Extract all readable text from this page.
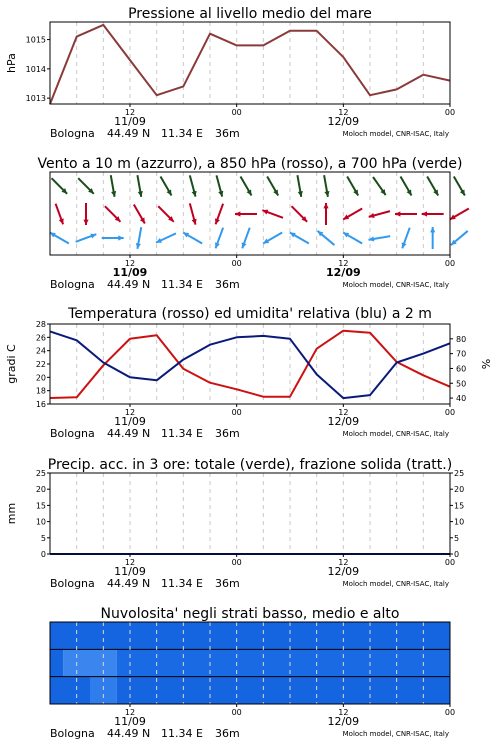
Pressione al livello medio del mare
1013
1014
1015
hPa
12	00	12	00
11/09	12/09
Bologna 44.49 N 11.34 E 36m	Moloch model, CNR-ISAC, Italy
Vento a 10 m (azzurro), a 850 hPa (rosso), a 700 hPa (verde)
12	00	12	00
11/09	12/09
Bologna 44.49 N 11.34 E 36m	Moloch model, CNR-ISAC, Italy
Temperatura (rosso) ed umidita' relativa (blu) a 2 m
16
18
20
22
24
26
28
gradi C
40
50
60
70
80
%
12	00	12	00
11/09	12/09
Bologna 44.49 N 11.34 E 36m	Moloch model, CNR-ISAC, Italy
Precip. acc. in 3 ore: totale (verde), frazione solida (tratt.)
0
5
10
15
20
25
0
5
10
15
20
25
mm
12	00	12	00
11/09	12/09
Bologna 44.49 N 11.34 E 36m	Moloch model, CNR-ISAC, Italy
Nuvolosita' negli strati basso, medio e alto
12	00	12	00
11/09	12/09
Bologna 44.49 N 11.34 E 36m	Moloch model, CNR-ISAC, Italy
